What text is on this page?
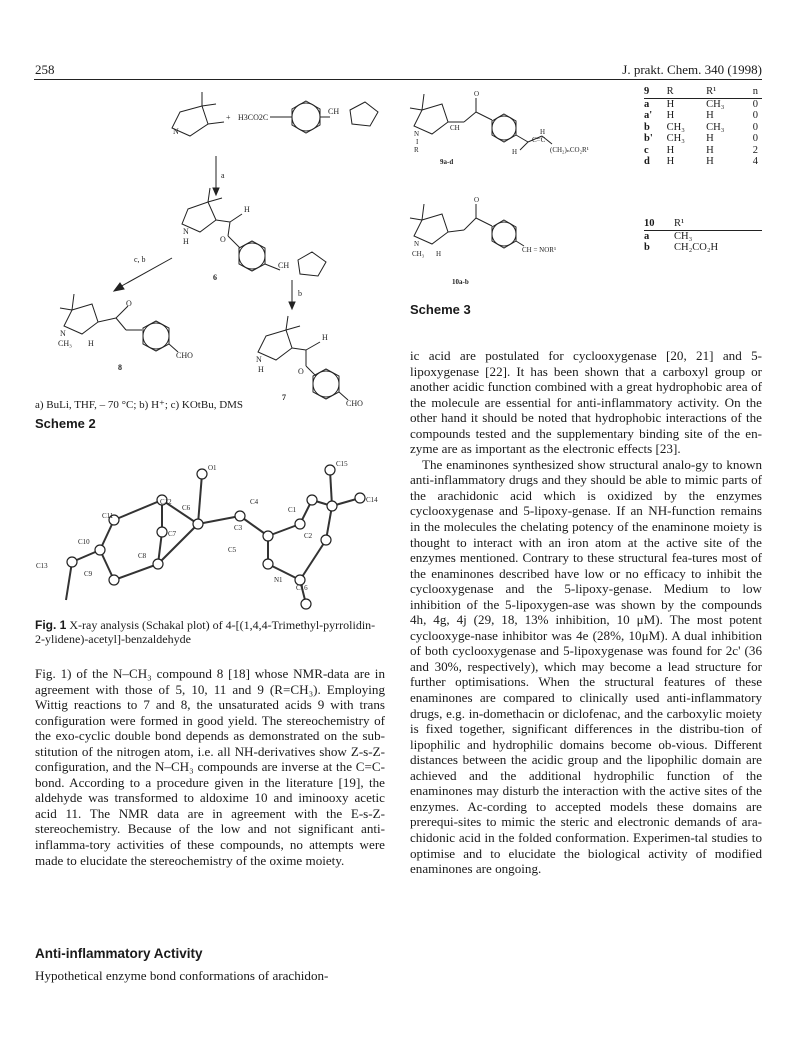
258	J. prakt. Chem. 340 (1998)
N
+ H3CO2C
CH
a
N
H
H
O
CH
6
c, b
b
N
CH₃ H
O
CHO
8
N
H
H
O
CHO
7
a) BuLi, THF, – 70 °C; b) H⁺; c) KOtBu, DMS
Scheme 2
O1	C15
C14
C12
C6
C4
C1
C11
C7
C3
C2
C10
C5
C8
C13
C9
N1
C16
Fig. 1 X-ray analysis (Schakal plot) of 4-[(1,4,4-Trimethyl-pyrrolidin-2-ylidene)-acetyl]-benzaldehyde

Fig. 1) of the N–CH₃ compound 8 [18] whose NMR-data are in agreement with those of 5, 10, 11 and 9 (R=CH₃). Employing Wittig reactions to 7 and 8, the unsaturated acids 9 with trans configuration were formed in good yield. The stereochemistry of the exo-cyclic double bond depends as demonstrated on the sub-stitution of the nitrogen atom, i.e. all NH-derivatives show Z-s-Z-configuration, and the N–CH₃ compounds are inverse at the C=C-bond. According to a procedure given in the literature [19], the aldehyde was transformed to aldoxime 10 and iminooxy acetic acid 11. The NMR data are in agreement with the E-s-Z-stereochemistry. Because of the low and not significant anti-inflamma-tory activities of these compounds, no attempts were made to elucidate the stereochemistry of the oxime moiety.

Anti-inflammatory Activity

Hypothetical enzyme bond conformations of arachidon-

N
I
R
CH
O
H
H
C=C
(CH₂)ₙCO₂R¹
9a-d
N
CH₃ H
O
CH = NOR¹
10a-b
9	R	R¹	n
a	H	CH₃	0
a'	H	H	0
b	CH₃	CH₃	0
b'	CH₃	H	0
c	H	H	2
d	H	H	4
10	R¹
a	CH₃
b	CH₂CO₂H
Scheme 3

ic acid are postulated for cyclooxygenase [20, 21] and 5-lipoxygenase [22]. It has been shown that a carboxyl group or another acidic function combined with a great hydrophobic area of the molecule are essential for anti-inflammatory activity. On the other hand it should be noted that hydrophobic interactions of the compounds tested and the supplementary binding site of the en-zyme are as important as the electronic effects [23].

The enaminones synthesized show structural analo-gy to known anti-inflammatory drugs and they should be able to mimic parts of the arachidonic acid which is oxidized by the enzymes cyclooxygenase and 5-lipoxy-genase. If an NH-function remains in the molecules the chelating potency of the enaminone moiety is thought to interact with an iron atom at the active site of the enzymes mentioned. Contrary to these structural fea-tures most of the enaminones described have low or no efficacy to inhibit the cyclooxygenase and the 5-lipoxy-genase. Medium to low inhibition of the 5-lipoxygen-ase was shown by the compounds 4h, 4g, 4j (29, 18, 13% inhibition, 10 μM). The most potent cyclooxyge-nase inhibitor was 4e (28%, 10μM). A dual inhibition of both cyclooxygenase and 5-lipoxygenase was found for 2c' (36 and 30%, respectively), which may become a lead structure for further optimisations. When the structural features of these enaminones are compared to clinically used anti-inflammatory drugs, e.g. in-domethacin or diclofenac, and the carboxylic moiety is fixed together, significant differences in the distribu-tion of lipophilic and hydrophilic domains become ob-vious. Different distances between the acidic group and the lipophilic domain are achieved and the additional hydrophilic function of the enaminones may disturb the interaction with the active sites of the enzymes. Ac-cording to accepted models these domains are prerequi-sites to mimic the steric and electronic demands of ara-chidonic acid in the folded conformation. Experimen-tal studies to optimise and to elucidate the biological activity of modified enaminones are ongoing.
